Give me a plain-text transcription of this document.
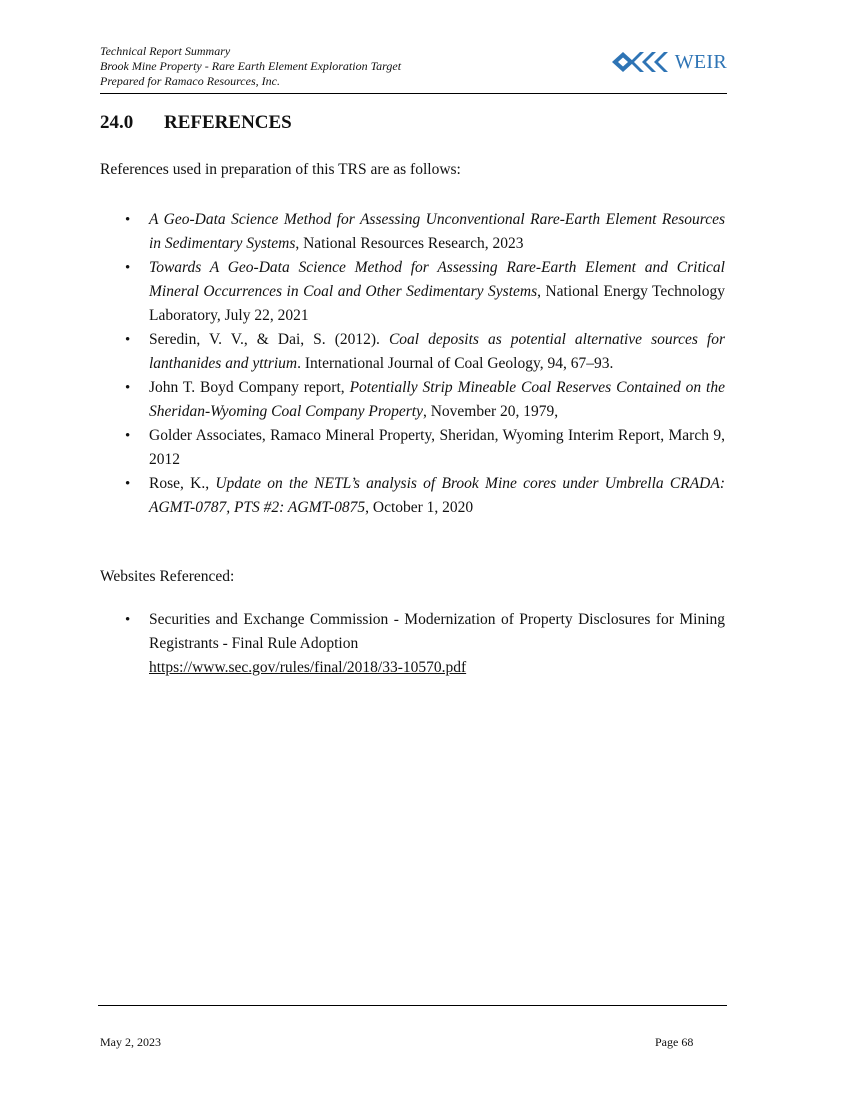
Technical Report Summary
Brook Mine Property - Rare Earth Element Exploration Target
Prepared for Ramaco Resources, Inc.
WEIR
24.0 REFERENCES

References used in preparation of this TRS are as follows:

• A Geo-Data Science Method for Assessing Unconventional Rare-Earth Element Resources in Sedimentary Systems, National Resources Research, 2023
• Towards A Geo-Data Science Method for Assessing Rare-Earth Element and Critical Mineral Occurrences in Coal and Other Sedimentary Systems, National Energy Technology Laboratory, July 22, 2021
• Seredin, V. V., & Dai, S. (2012). Coal deposits as potential alternative sources for lanthanides and yttrium. International Journal of Coal Geology, 94, 67–93.
• John T. Boyd Company report, Potentially Strip Mineable Coal Reserves Contained on the Sheridan-Wyoming Coal Company Property, November 20, 1979,
• Golder Associates, Ramaco Mineral Property, Sheridan, Wyoming Interim Report, March 9, 2012
• Rose, K., Update on the NETL’s analysis of Brook Mine cores under Umbrella CRADA: AGMT-0787, PTS #2: AGMT-0875, October 1, 2020

Websites Referenced:

• Securities and Exchange Commission - Modernization of Property Disclosures for Mining Registrants - Final Rule Adoption
https://www.sec.gov/rules/final/2018/33-10570.pdf
May 2, 2023	Page 68
